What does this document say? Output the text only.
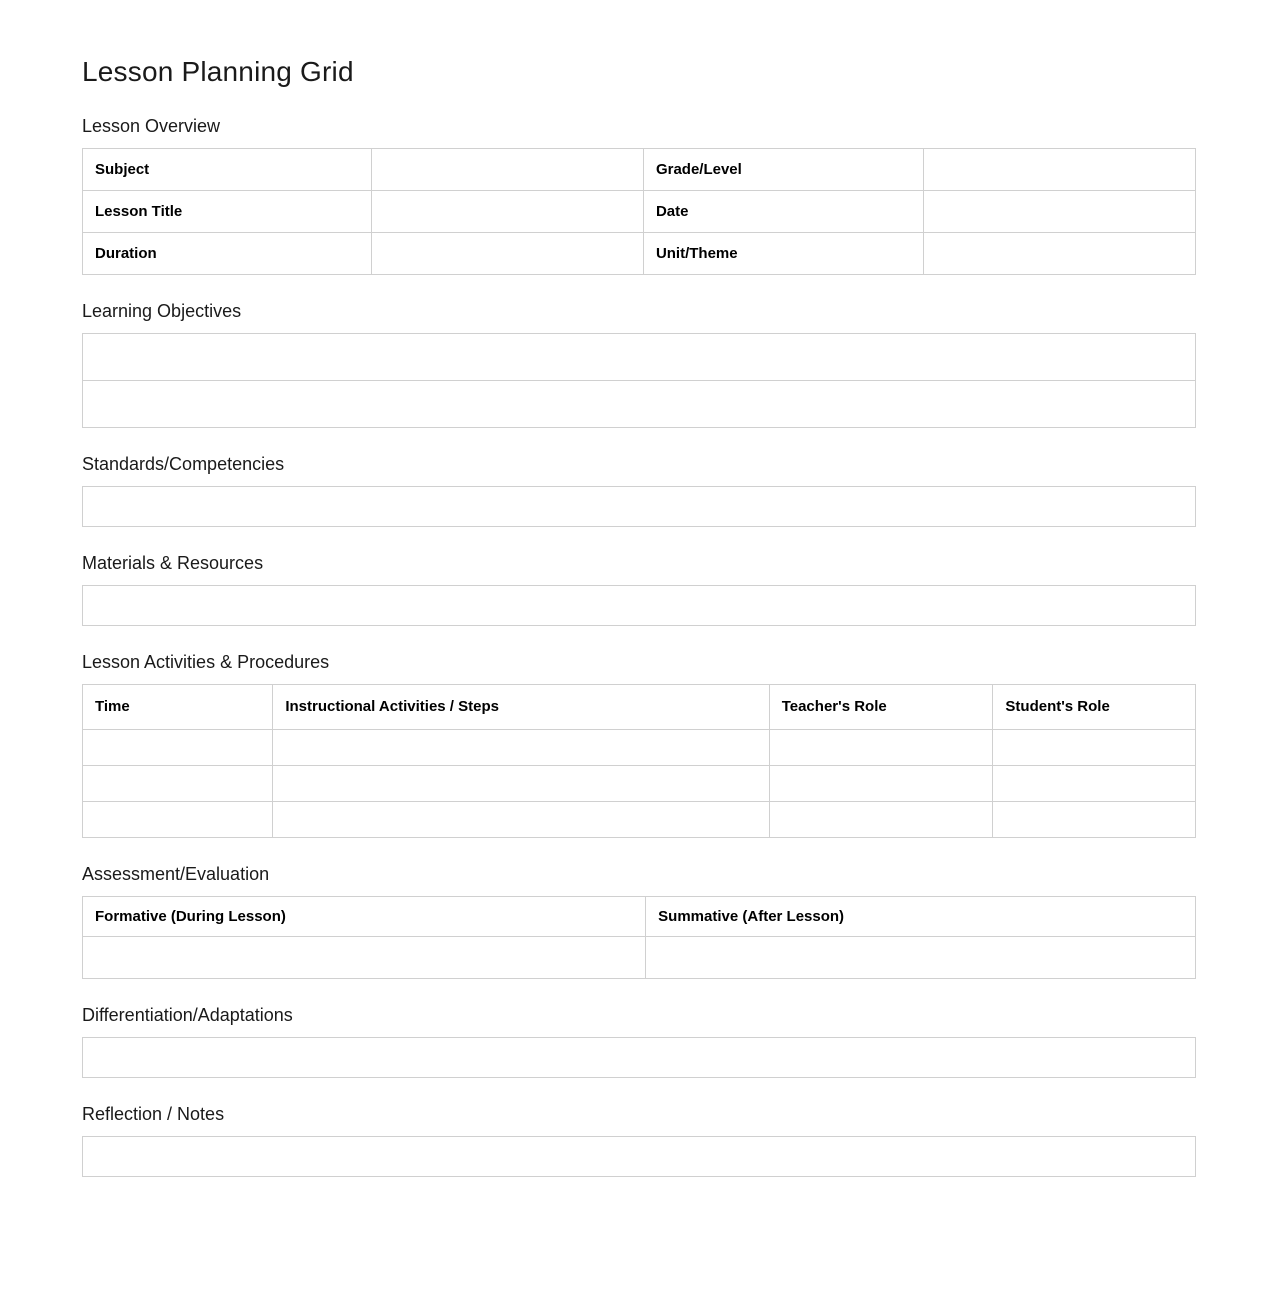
Lesson Planning Grid
Lesson Overview
Subject		Grade/Level	
Lesson Title		Date	
Duration		Unit/Theme	
Learning Objectives

Standards/Competencies
Materials & Resources
Lesson Activities & Procedures
Time	Instructional Activities / Steps	Teacher's Role	Student's Role

Assessment/Evaluation
Formative (During Lesson)	Summative (After Lesson)

Differentiation/Adaptations
Reflection / Notes
